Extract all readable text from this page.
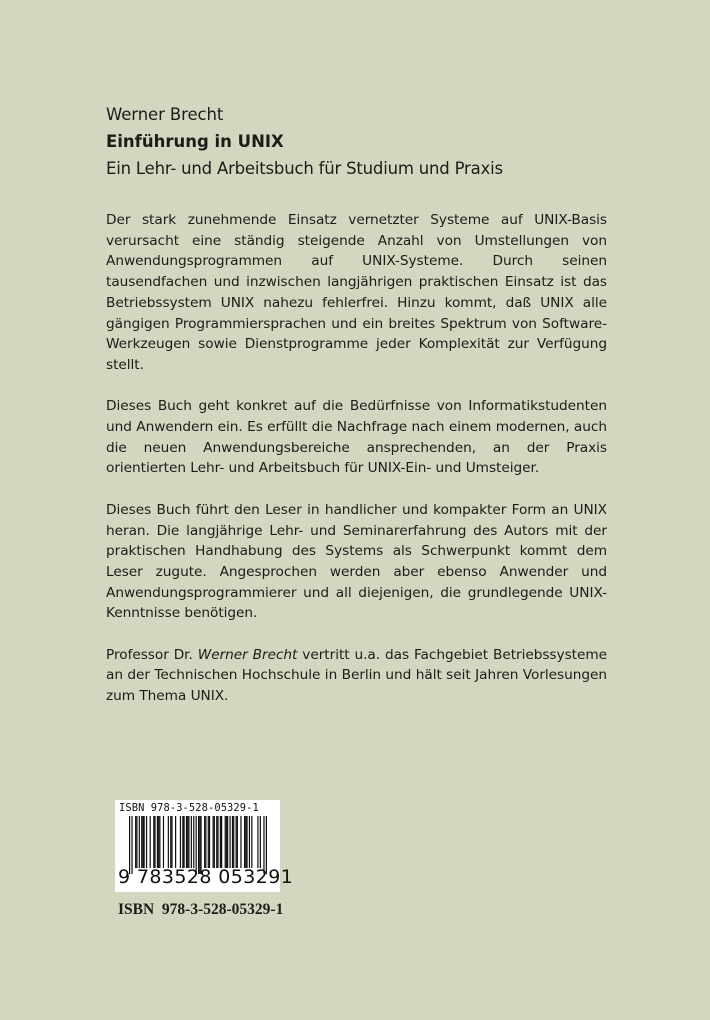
Werner Brecht
Einführung in UNIX
Ein Lehr- und Arbeitsbuch für Studium und Praxis

Der stark zunehmende Einsatz vernetzter Systeme auf UNIX-Basis verursacht eine ständig steigende Anzahl von Umstellungen von Anwendungsprogrammen auf UNIX-Systeme. Durch seinen tausendfachen und inzwischen langjährigen praktischen Einsatz ist das Betriebssystem UNIX nahezu fehlerfrei. Hinzu kommt, daß UNIX alle gängigen Programmiersprachen und ein breites Spektrum von Software-Werkzeugen sowie Dienstprogramme jeder Komplexität zur Verfügung stellt.

Dieses Buch geht konkret auf die Bedürfnisse von Informatikstudenten und Anwendern ein. Es erfüllt die Nachfrage nach einem modernen, auch die neuen Anwendungsbereiche ansprechenden, an der Praxis orientierten Lehr- und Arbeitsbuch für UNIX-Ein- und Umsteiger.

Dieses Buch führt den Leser in handlicher und kompakter Form an UNIX heran. Die langjährige Lehr- und Seminarerfahrung des Autors mit der praktischen Handhabung des Systems als Schwerpunkt kommt dem Leser zugute. Angesprochen werden aber ebenso Anwender und Anwendungsprogrammierer und all diejenigen, die grundlegende UNIX-Kenntnisse benötigen.

Professor Dr. Werner Brecht vertritt u.a. das Fachgebiet Betriebssysteme an der Technischen Hochschule in Berlin und hält seit Jahren Vorlesungen zum Thema UNIX.

ISBN 978-3-528-05329-1
9 783528 053291
ISBN  978-3-528-05329-1
